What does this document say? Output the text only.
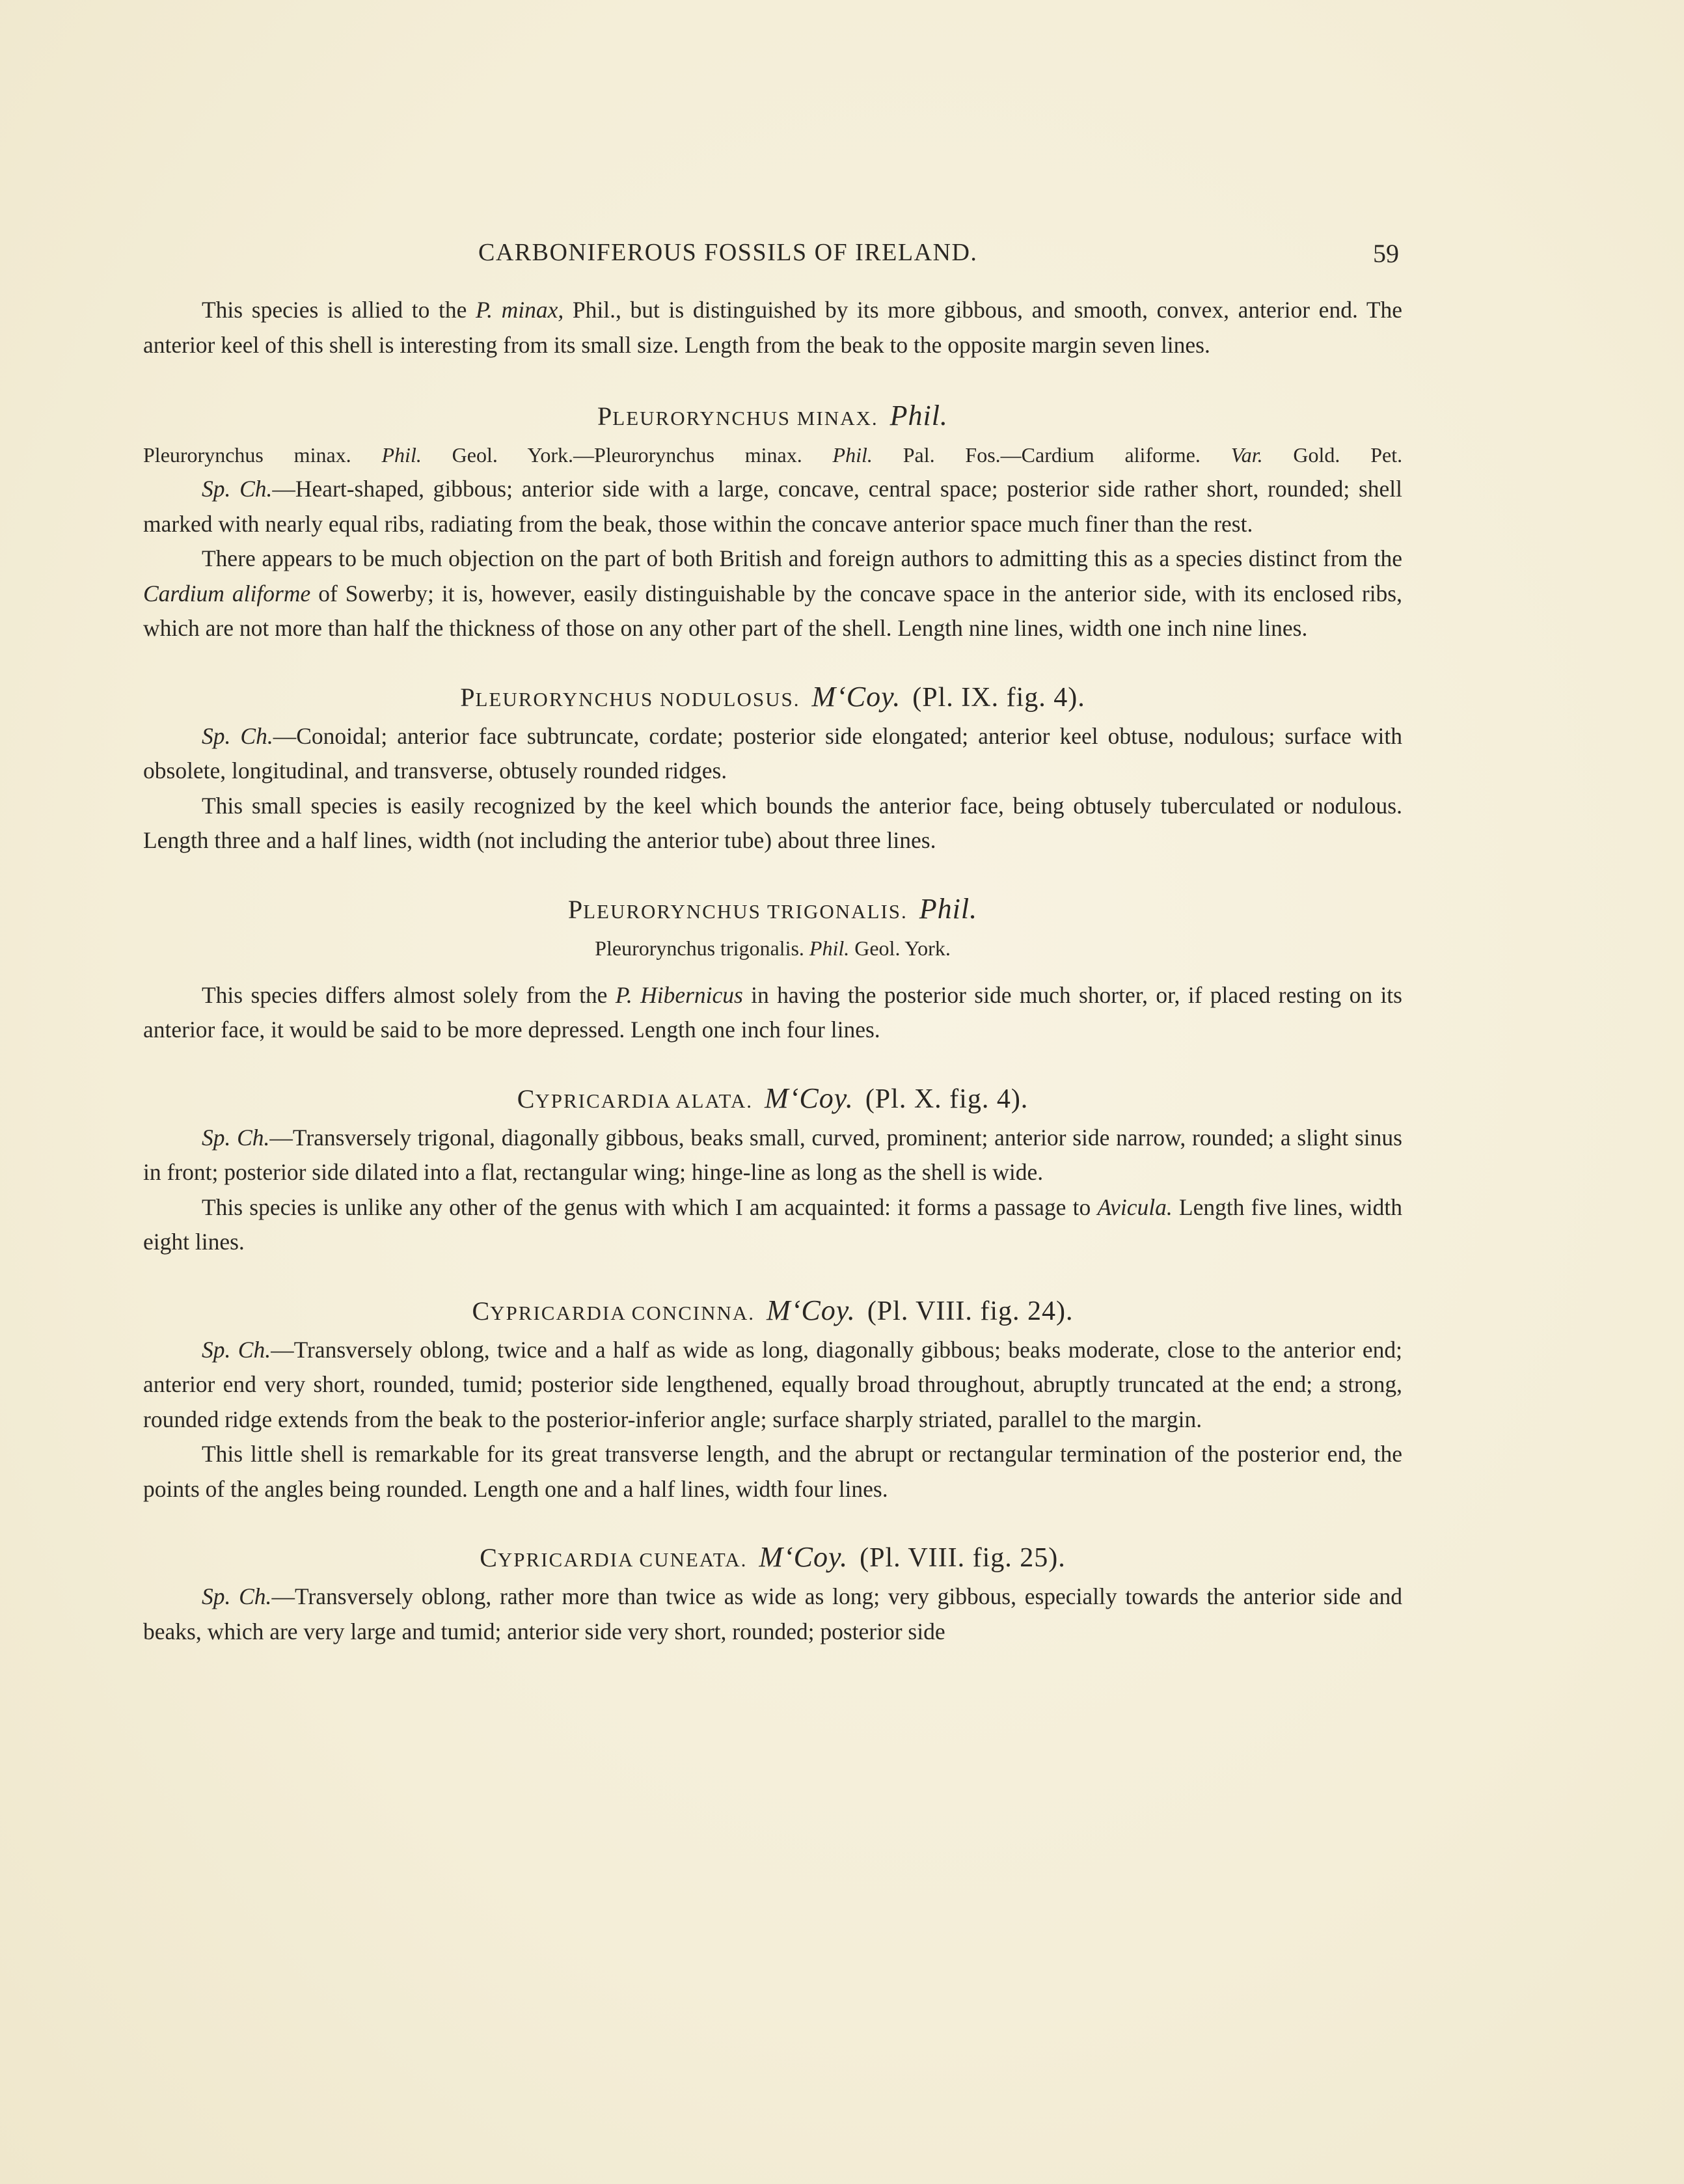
CARBONIFEROUS FOSSILS OF IRELAND.	59

This species is allied to the P. minax, Phil., but is distinguished by its more gibbous, and smooth, convex, anterior end. The anterior keel of this shell is interesting from its small size. Length from the beak to the opposite margin seven lines.

PLEURORYNCHUS MINAX. Phil.

Pleurorynchus minax. Phil. Geol. York.—Pleurorynchus minax. Phil. Pal. Fos.—Cardium aliforme. Var. Gold. Pet.

Sp. Ch.—Heart-shaped, gibbous; anterior side with a large, concave, central space; posterior side rather short, rounded; shell marked with nearly equal ribs, radiating from the beak, those within the concave anterior space much finer than the rest.

There appears to be much objection on the part of both British and foreign authors to admitting this as a species distinct from the Cardium aliforme of Sowerby; it is, however, easily distinguishable by the concave space in the anterior side, with its enclosed ribs, which are not more than half the thickness of those on any other part of the shell. Length nine lines, width one inch nine lines.

PLEURORYNCHUS NODULOSUS. M‘Coy. (Pl. IX. fig. 4).

Sp. Ch.—Conoidal; anterior face subtruncate, cordate; posterior side elongated; anterior keel obtuse, nodulous; surface with obsolete, longitudinal, and transverse, obtusely rounded ridges.

This small species is easily recognized by the keel which bounds the anterior face, being obtusely tuberculated or nodulous. Length three and a half lines, width (not including the anterior tube) about three lines.

PLEURORYNCHUS TRIGONALIS. Phil.

Pleurorynchus trigonalis. Phil. Geol. York.

This species differs almost solely from the P. Hibernicus in having the posterior side much shorter, or, if placed resting on its anterior face, it would be said to be more depressed. Length one inch four lines.

CYPRICARDIA ALATA. M‘Coy. (Pl. X. fig. 4).

Sp. Ch.—Transversely trigonal, diagonally gibbous, beaks small, curved, prominent; anterior side narrow, rounded; a slight sinus in front; posterior side dilated into a flat, rectangular wing; hinge-line as long as the shell is wide.

This species is unlike any other of the genus with which I am acquainted: it forms a passage to Avicula. Length five lines, width eight lines.

CYPRICARDIA CONCINNA. M‘Coy. (Pl. VIII. fig. 24).

Sp. Ch.—Transversely oblong, twice and a half as wide as long, diagonally gibbous; beaks moderate, close to the anterior end; anterior end very short, rounded, tumid; posterior side lengthened, equally broad throughout, abruptly truncated at the end; a strong, rounded ridge extends from the beak to the posterior-inferior angle; surface sharply striated, parallel to the margin.

This little shell is remarkable for its great transverse length, and the abrupt or rectangular termination of the posterior end, the points of the angles being rounded. Length one and a half lines, width four lines.

CYPRICARDIA CUNEATA. M‘Coy. (Pl. VIII. fig. 25).

Sp. Ch.—Transversely oblong, rather more than twice as wide as long; very gibbous, especially towards the anterior side and beaks, which are very large and tumid; anterior side very short, rounded; posterior side
